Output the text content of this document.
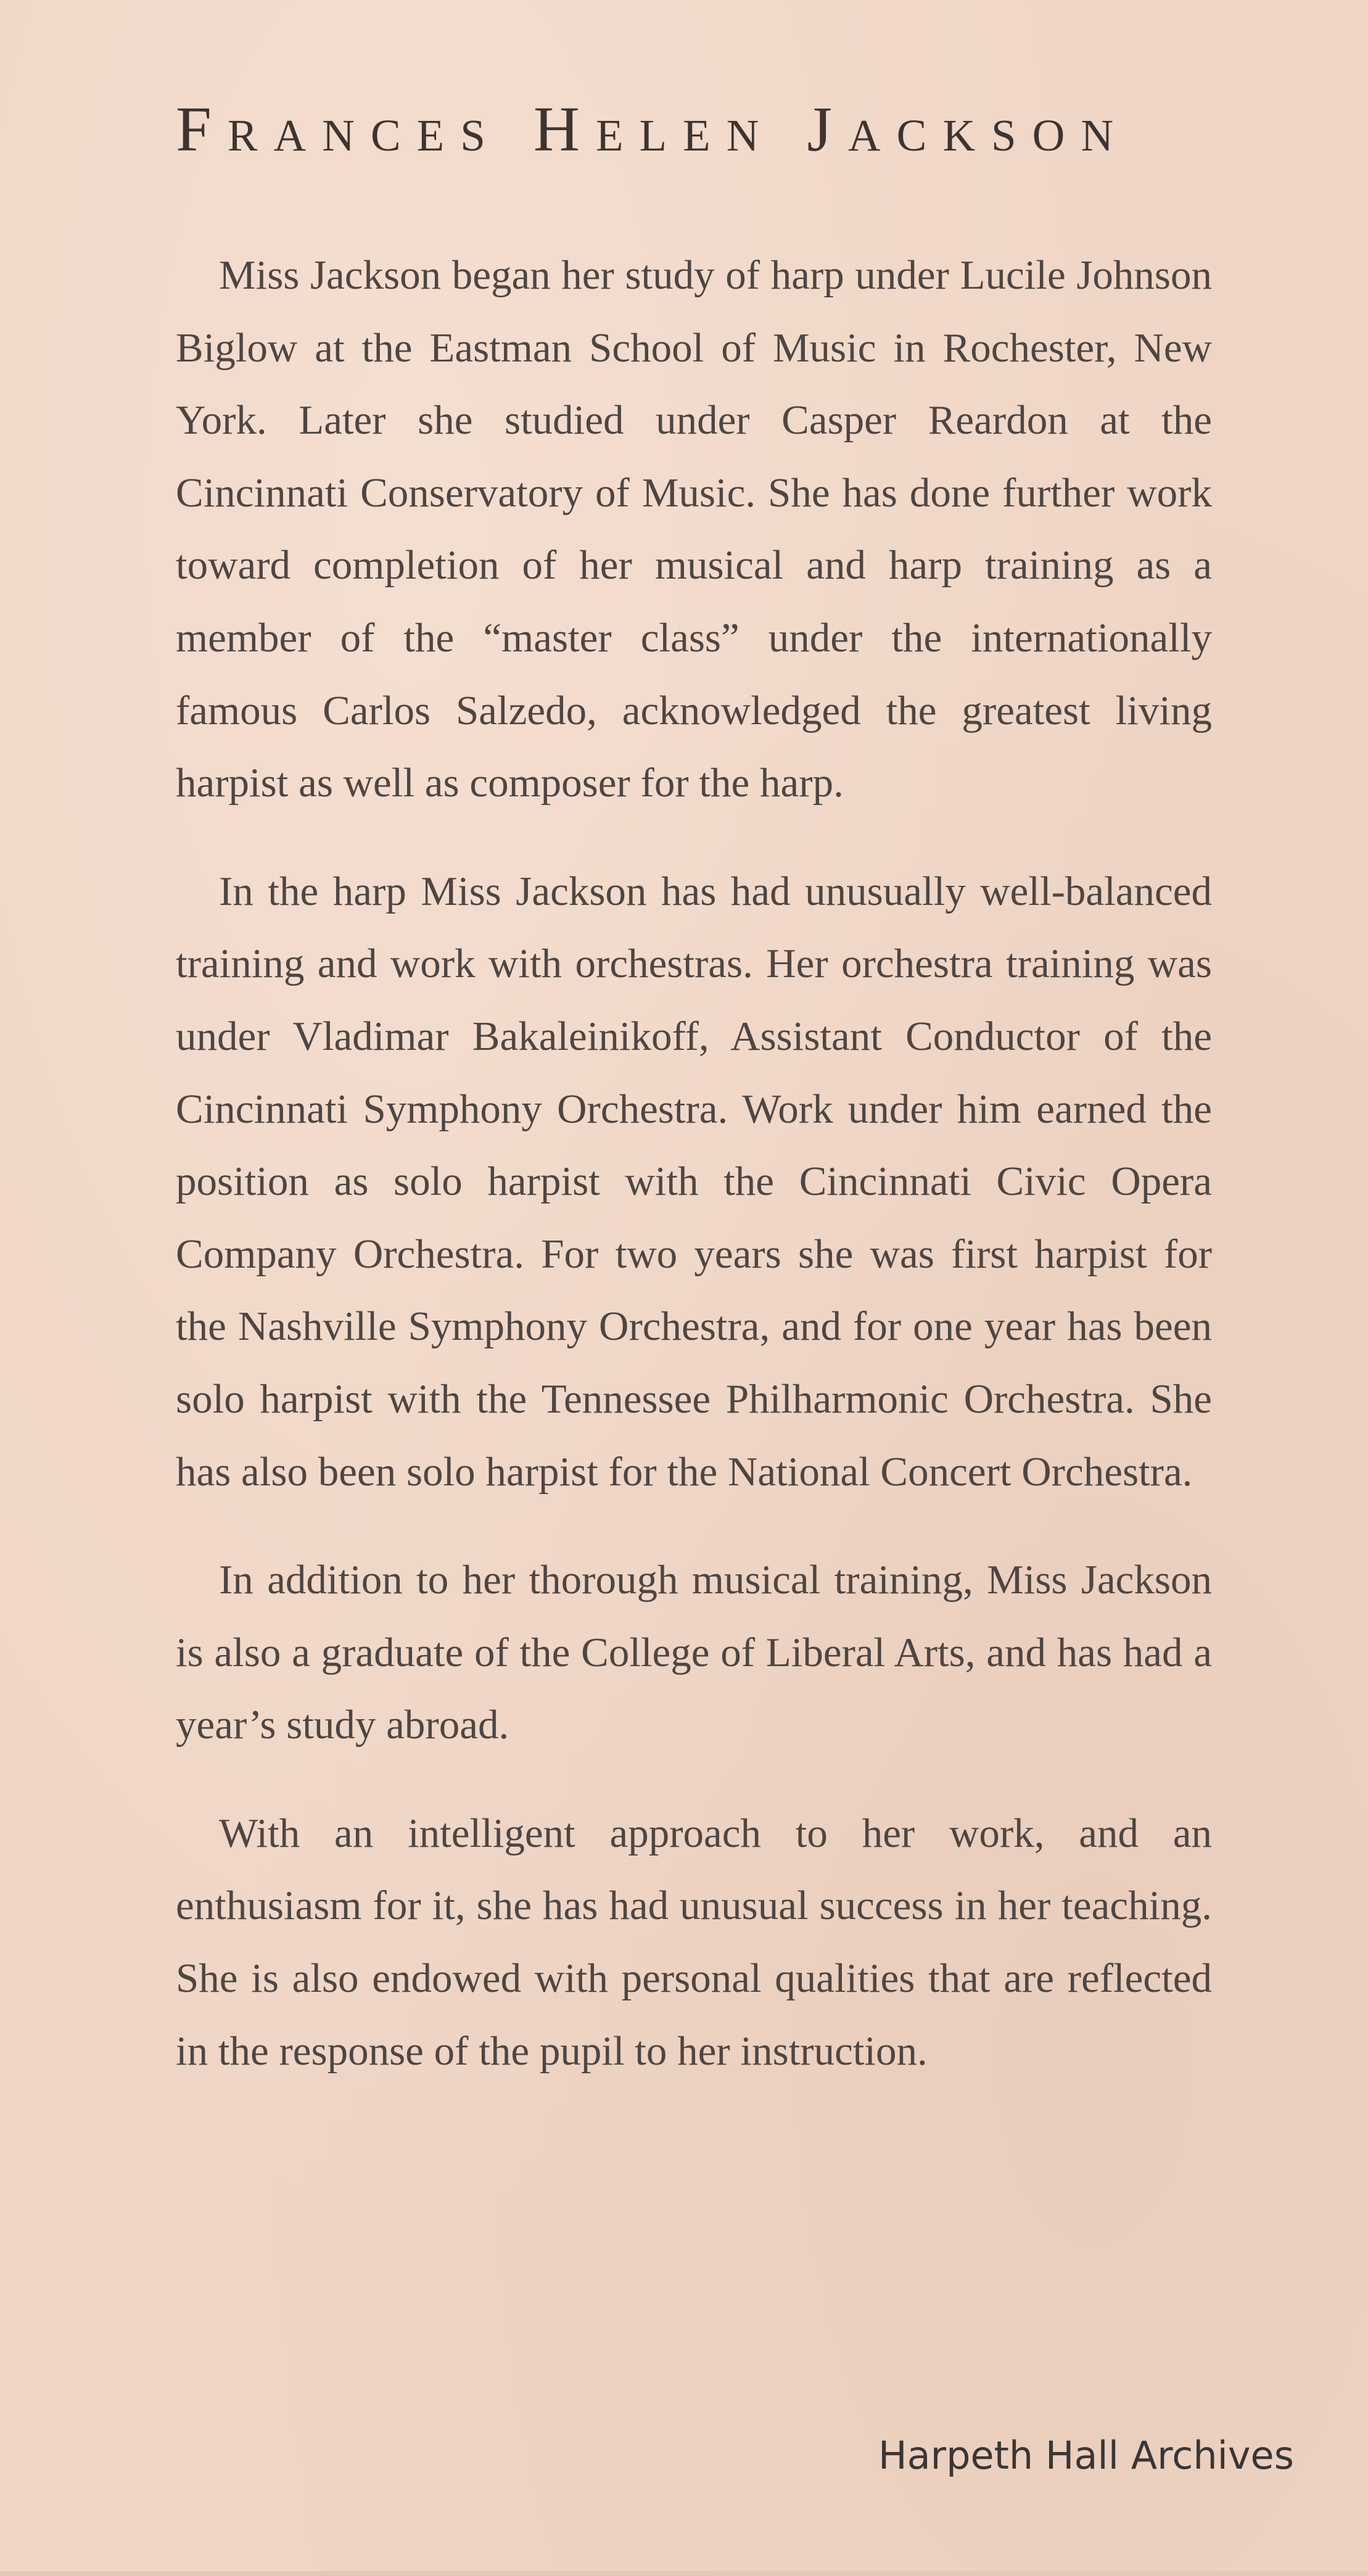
Frances Helen Jackson

Miss Jackson began her study of harp under Lucile Johnson Biglow at the Eastman School of Music in Rochester, New York. Later she studied under Casper Reardon at the Cincinnati Conservatory of Music. She has done further work toward completion of her musical and harp training as a member of the “master class” under the internationally famous Carlos Salzedo, acknowledged the greatest living harpist as well as composer for the harp.

In the harp Miss Jackson has had unusually well-balanced training and work with orchestras. Her orchestra training was under Vladimar Bakaleinikoff, Assistant Conductor of the Cincinnati Symphony Orchestra. Work under him earned the position as solo harpist with the Cincinnati Civic Opera Company Orchestra. For two years she was first harpist for the Nashville Symphony Orchestra, and for one year has been solo harpist with the Tennessee Philharmonic Orchestra. She has also been solo harpist for the National Concert Orchestra.

In addition to her thorough musical training, Miss Jackson is also a graduate of the College of Liberal Arts, and has had a year’s study abroad.

With an intelligent approach to her work, and an enthusiasm for it, she has had unusual success in her teaching. She is also endowed with personal qualities that are reflected in the response of the pupil to her instruction.

Harpeth Hall Archives
